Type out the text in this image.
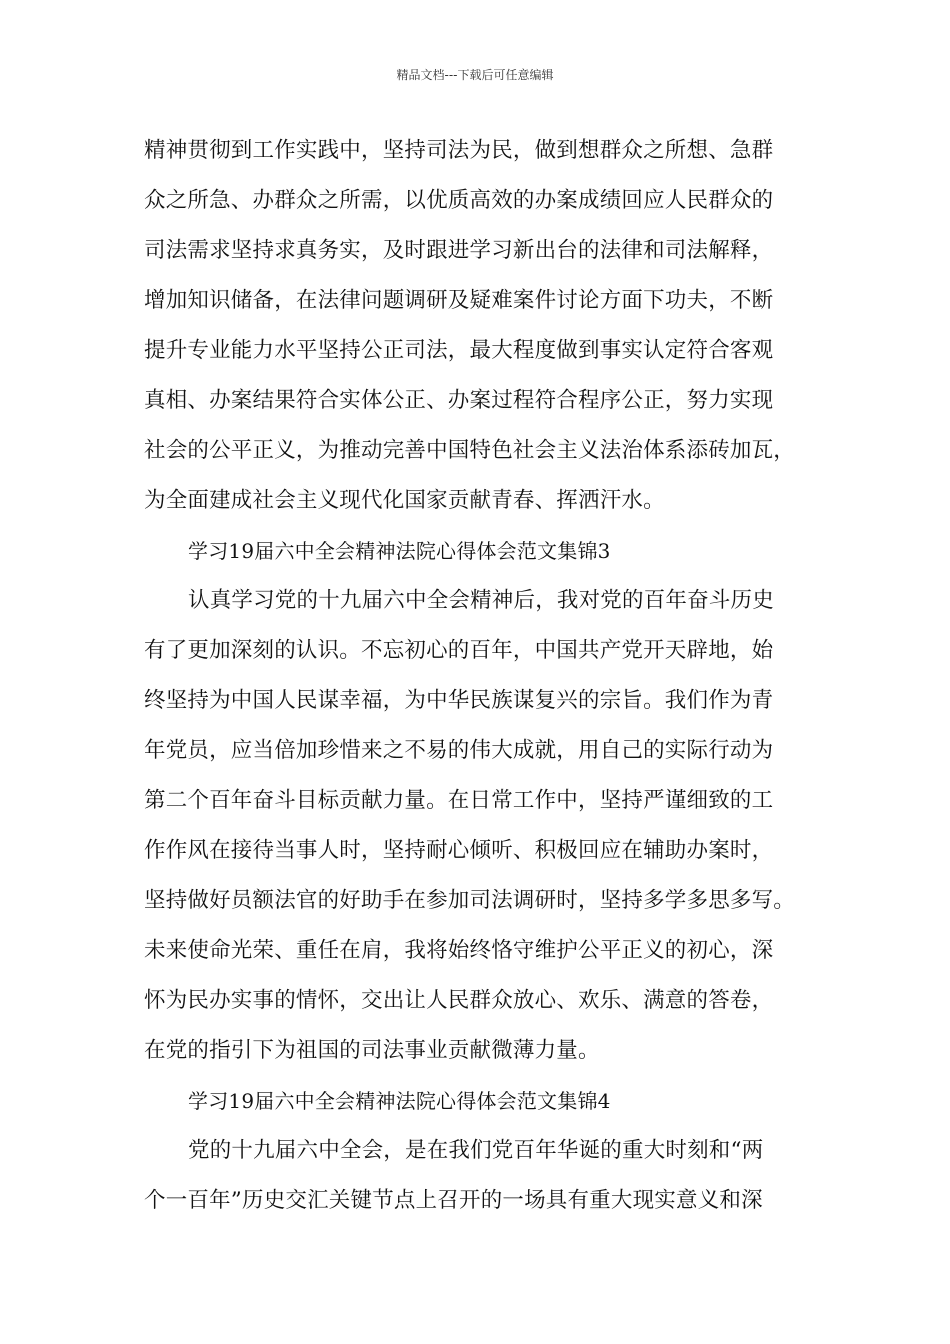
精品文档---下载后可任意编辑
精神贯彻到工作实践中，坚持司法为民，做到想群众之所想、急群
众之所急、办群众之所需，以优质高效的办案成绩回应人民群众的
司法需求坚持求真务实，及时跟进学习新出台的法律和司法解释，
增加知识储备，在法律问题调研及疑难案件讨论方面下功夫，不断
提升专业能力水平坚持公正司法，最大程度做到事实认定符合客观
真相、办案结果符合实体公正、办案过程符合程序公正，努力实现
社会的公平正义，为推动完善中国特色社会主义法治体系添砖加瓦，
为全面建成社会主义现代化国家贡献青春、挥洒汗水。
学习19届六中全会精神法院心得体会范文集锦3
认真学习党的十九届六中全会精神后，我对党的百年奋斗历史
有了更加深刻的认识。不忘初心的百年，中国共产党开天辟地，始
终坚持为中国人民谋幸福，为中华民族谋复兴的宗旨。我们作为青
年党员，应当倍加珍惜来之不易的伟大成就，用自己的实际行动为
第二个百年奋斗目标贡献力量。在日常工作中，坚持严谨细致的工
作作风在接待当事人时，坚持耐心倾听、积极回应在辅助办案时，
坚持做好员额法官的好助手在参加司法调研时，坚持多学多思多写。
未来使命光荣、重任在肩，我将始终恪守维护公平正义的初心，深
怀为民办实事的情怀，交出让人民群众放心、欢乐、满意的答卷，
在党的指引下为祖国的司法事业贡献微薄力量。
学习19届六中全会精神法院心得体会范文集锦4
党的十九届六中全会，是在我们党百年华诞的重大时刻和“两
个一百年”历史交汇关键节点上召开的一场具有重大现实意义和深
